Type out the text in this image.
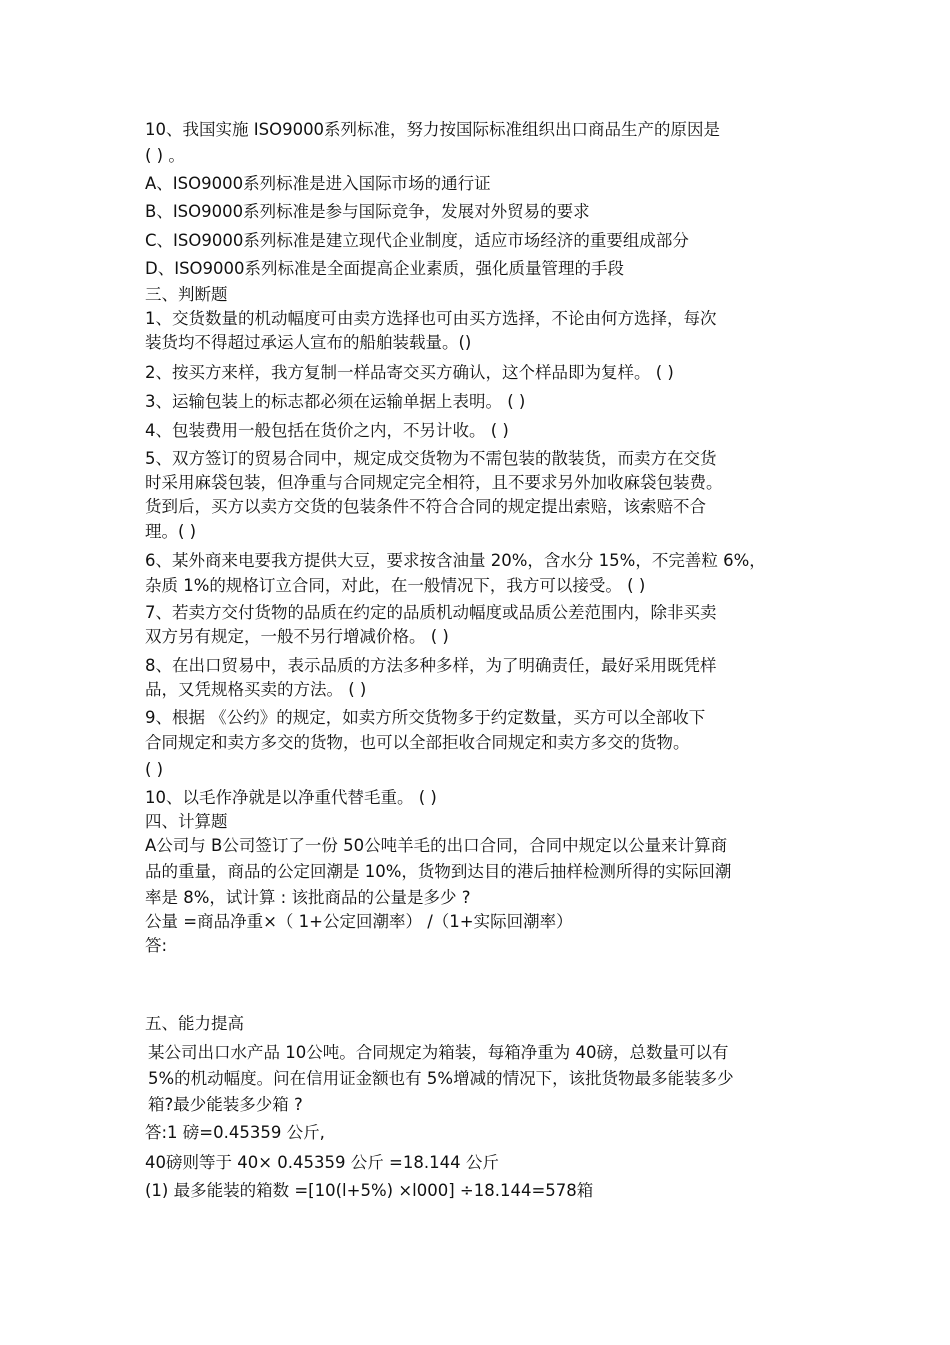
10、我国实施 ISO9000系列标准，努力按国际标准组织出口商品生产的原因是
( ) 。
A、ISO9000系列标准是进入国际市场的通行证
B、ISO9000系列标准是参与国际竞争，发展对外贸易的要求
C、ISO9000系列标准是建立现代企业制度，适应市场经济的重要组成部分
D、ISO9000系列标准是全面提高企业素质，强化质量管理的手段
三、判断题
1、交货数量的机动幅度可由卖方选择也可由买方选择，不论由何方选择，每次
装货均不得超过承运人宣布的船舶装载量。()
2、按买方来样，我方复制一样品寄交买方确认，这个样品即为复样。 ( )
3、运输包装上的标志都必须在运输单据上表明。 ( )
4、包装费用一般包括在货价之内，不另计收。 ( )
5、双方签订的贸易合同中，规定成交货物为不需包装的散装货，而卖方在交货
时采用麻袋包装，但净重与合同规定完全相符，且不要求另外加收麻袋包装费。
货到后，买方以卖方交货的包装条件不符合合同的规定提出索赔，该索赔不合
理。( )
6、某外商来电要我方提供大豆，要求按含油量 20%，含水分 15%，不完善粒 6%，
杂质 1%的规格订立合同，对此，在一般情况下，我方可以接受。 ( )
7、若卖方交付货物的品质在约定的品质机动幅度或品质公差范围内，除非买卖
双方另有规定，一般不另行增减价格。 ( )
8、在出口贸易中，表示品质的方法多种多样，为了明确责任，最好采用既凭样
品，又凭规格买卖的方法。 ( )
9、根据 《公约》的规定，如卖方所交货物多于约定数量，买方可以全部收下
合同规定和卖方多交的货物，也可以全部拒收合同规定和卖方多交的货物。
( )
10、以毛作净就是以净重代替毛重。 ( )
四、计算题
A公司与 B公司签订了一份 50公吨羊毛的出口合同，合同中规定以公量来计算商
品的重量，商品的公定回潮是 10%，货物到达目的港后抽样检测所得的实际回潮
率是 8%，试计算 : 该批商品的公量是多少 ?
公量 =商品净重×（ 1+公定回潮率） /（1+实际回潮率）
答:
五、能力提高
某公司出口水产品 10公吨。合同规定为箱装，每箱净重为 40磅，总数量可以有
5%的机动幅度。问在信用证金额也有 5%增减的情况下，该批货物最多能装多少
箱?最少能装多少箱 ?
答:1 磅=0.45359 公斤,
40磅则等于 40× 0.45359 公斤 =18.144 公斤
(1) 最多能装的箱数 =[10(l+5%) ×l000] ÷18.144=578箱
